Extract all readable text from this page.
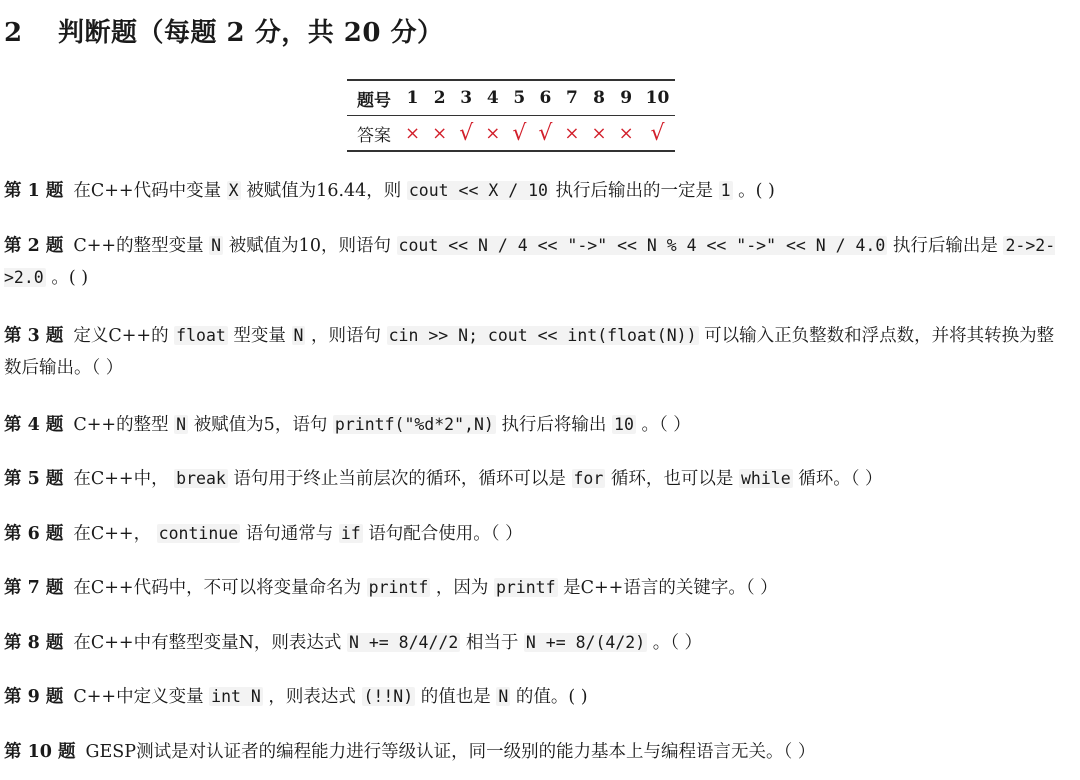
2 判断题（每题 2 分，共 20 分）
题号	1	2	3	4	5	6	7	8	9	10
答案	×	×	√	×	√	√	×	×	×	√
第 1 题 在C++代码中变量 X 被赋值为16.44，则 cout << X / 10 执行后输出的一定是 1 。( )
第 2 题 C++的整型变量 N 被赋值为10，则语句 cout << N / 4 << "->" << N % 4 << "->" << N / 4.0 执行后输出是 2->2->2.0 。( )
第 3 题 定义C++的 float 型变量 N ，则语句 cin >> N; cout << int(float(N)) 可以输入正负整数和浮点数，并将其转换为整数后输出。（ ）
第 4 题 C++的整型 N 被赋值为5，语句 printf("%d*2",N) 执行后将输出 10 。（ ）
第 5 题 在C++中， break 语句用于终止当前层次的循环，循环可以是 for 循环，也可以是 while 循环。（ ）
第 6 题 在C++， continue 语句通常与 if 语句配合使用。（ ）
第 7 题 在C++代码中，不可以将变量命名为 printf ，因为 printf 是C++语言的关键字。（ ）
第 8 题 在C++中有整型变量N，则表达式 N += 8/4//2 相当于 N += 8/(4/2) 。（ ）
第 9 题 C++中定义变量 int N ，则表达式 (!!N) 的值也是 N 的值。( )
第 10 题 GESP测试是对认证者的编程能力进行等级认证，同一级别的能力基本上与编程语言无关。（ ）
